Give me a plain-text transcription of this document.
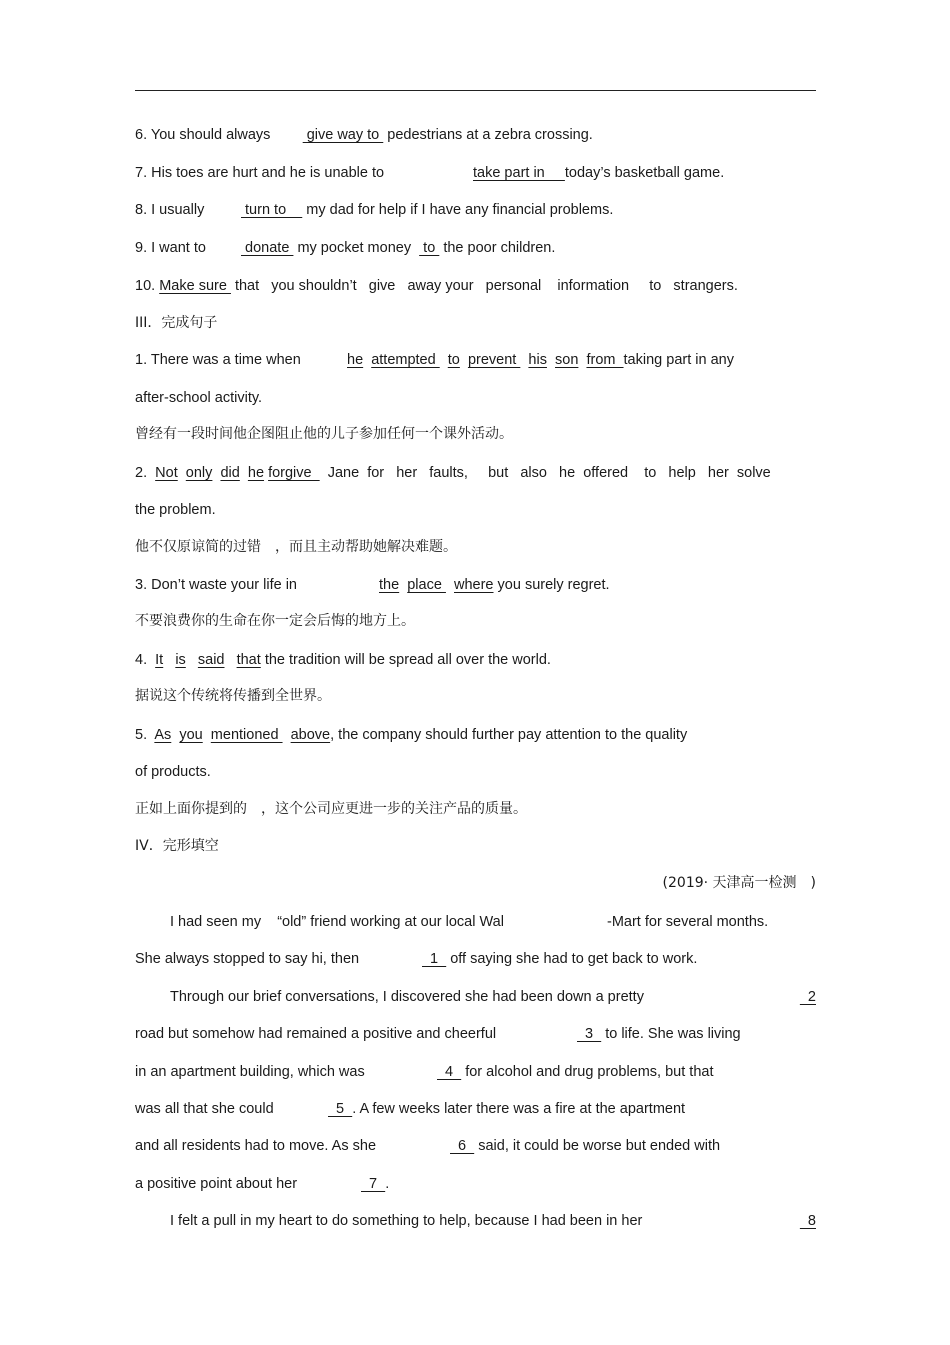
6. You should always         give way to  pedestrians at a zebra crossing.
7. His toes are hurt and he is unable to	take part in     today’s basketball game.
8. I usually	turn to     my dad for help if I have any financial problems.
9. I want to donate  my pocket money   to  the poor children.
10. Make sure  that   you shouldn’t   give   away your   personal    information     to   strangers.
III．完成句子
1. There was a time when	he attempted   to prevent   his son from  taking part in any
after-school activity.
曾经有一段时间他企图阻止他的儿子参加任何一个课外活动。
2. Not only did he forgive    Jane  for   her   faults,     but   also   he  offered    to   help   her  solve
the problem.
他不仅原谅简的过错　，而且主动帮助她解决难题。
3. Don’t waste your life in	the place   where you surely regret.
不要浪费你的生命在你一定会后悔的地方上。
4. It is said that the tradition will be spread all over the world.
据说这个传统将传播到全世界。
5. As you mentioned   above, the company should further pay attention to the quality
of products.
正如上面你提到的　，这个公司应更进一步的关注产品的质量。
IV．完形填空
(2019· 天津高一检测　)
I had seen my    “old” friend working at our local Wal	-Mart for several months.
She always stopped to say hi, then	1   off saying she had to get back to work.
Through our brief conversations, I discovered she had been down a pretty	2
road but somehow had remained a positive and cheerful	3   to life. She was living
in an apartment building, which was	4   for alcohol and drug problems, but that
was all that she could	5  . A few weeks later there was a fire at the apartment
and all residents had to move. As she	6   said, it could be worse but ended with
a positive point about her	7  .
I felt a pull in my heart to do something to help, because I had been in her	8
